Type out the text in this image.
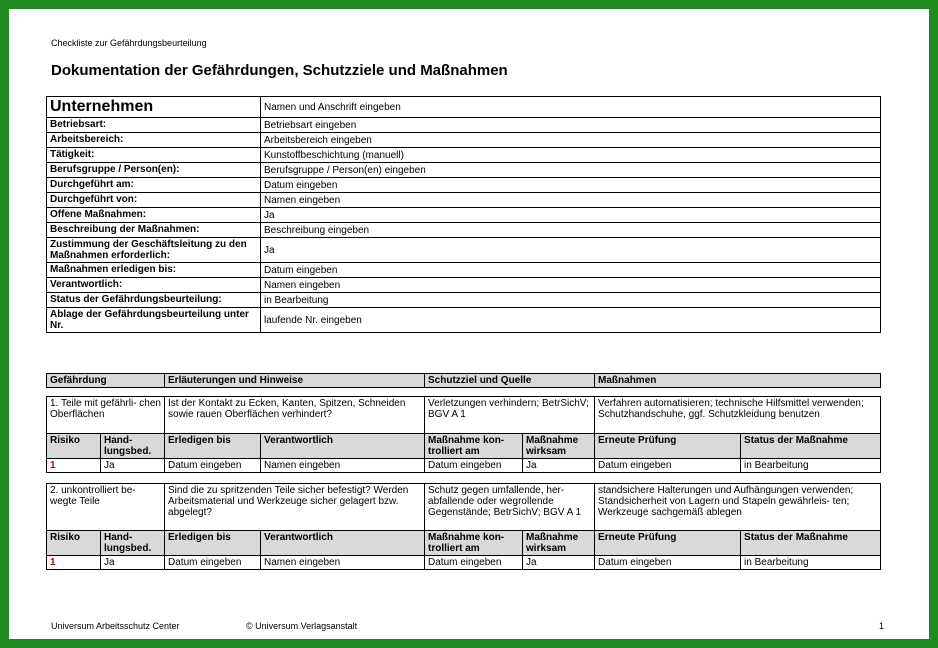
Checkliste zur Gefährdungsbeurteilung
Dokumentation der Gefährdungen, Schutzziele und Maßnahmen
Unternehmen	Namen und Anschrift eingeben
Betriebsart:	Betriebsart eingeben
Arbeitsbereich:	Arbeitsbereich eingeben
Tätigkeit:	Kunstoffbeschichtung (manuell)
Berufsgruppe / Person(en):	Berufsgruppe / Person(en) eingeben
Durchgeführt am:	Datum eingeben
Durchgeführt von:	Namen eingeben
Offene Maßnahmen:	Ja
Beschreibung der Maßnahmen:	Beschreibung eingeben
Zustimmung der Geschäftsleitung zu den Maßnahmen erforderlich:	Ja
Maßnahmen erledigen bis:	Datum eingeben
Verantwortlich:	Namen eingeben
Status der Gefährdungsbeurteilung:	in Bearbeitung
Ablage der Gefährdungsbeurteilung unter Nr.	laufende Nr. eingeben
Gefährdung		Erläuterungen und Hinweise		Schutzziel und Quelle		Maßnahmen	

1. Teile mit gefährli- chen Oberflächen		Ist der Kontakt zu Ecken, Kanten, Spitzen, Schneiden sowie rauen Oberflächen verhindert?		Verletzungen verhindern; BetrSichV; BGV A 1		Verfahren automatisieren; technische Hilfsmittel verwenden; Schutzhandschuhe, ggf. Schutzkleidung benutzen	
Risiko	Hand- lungsbed.	Erledigen bis	Verantwortlich	Maßnahme kon- trolliert am	Maßnahme wirksam	Erneute Prüfung	Status der Maßnahme
1	Ja	Datum eingeben	Namen eingeben	Datum eingeben	Ja	Datum eingeben	in Bearbeitung

2. unkontrolliert be- wegte Teile		Sind die zu spritzenden Teile sicher befestigt? Werden Arbeitsmaterial und Werkzeuge sicher gelagert bzw. abgelegt?		Schutz gegen umfallende, her- abfallende oder wegrollende Gegenstände; BetrSichV; BGV A 1		standsichere Halterungen und Aufhängungen verwenden; Standsicherheit von Lagern und Stapeln gewährleis- ten; Werkzeuge sachgemäß ablegen	
Risiko	Hand- lungsbed.	Erledigen bis	Verantwortlich	Maßnahme kon- trolliert am	Maßnahme wirksam	Erneute Prüfung	Status der Maßnahme
1	Ja	Datum eingeben	Namen eingeben	Datum eingeben	Ja	Datum eingeben	in Bearbeitung
Universum Arbeitsschutz Center	© Universum Verlagsanstalt	1
